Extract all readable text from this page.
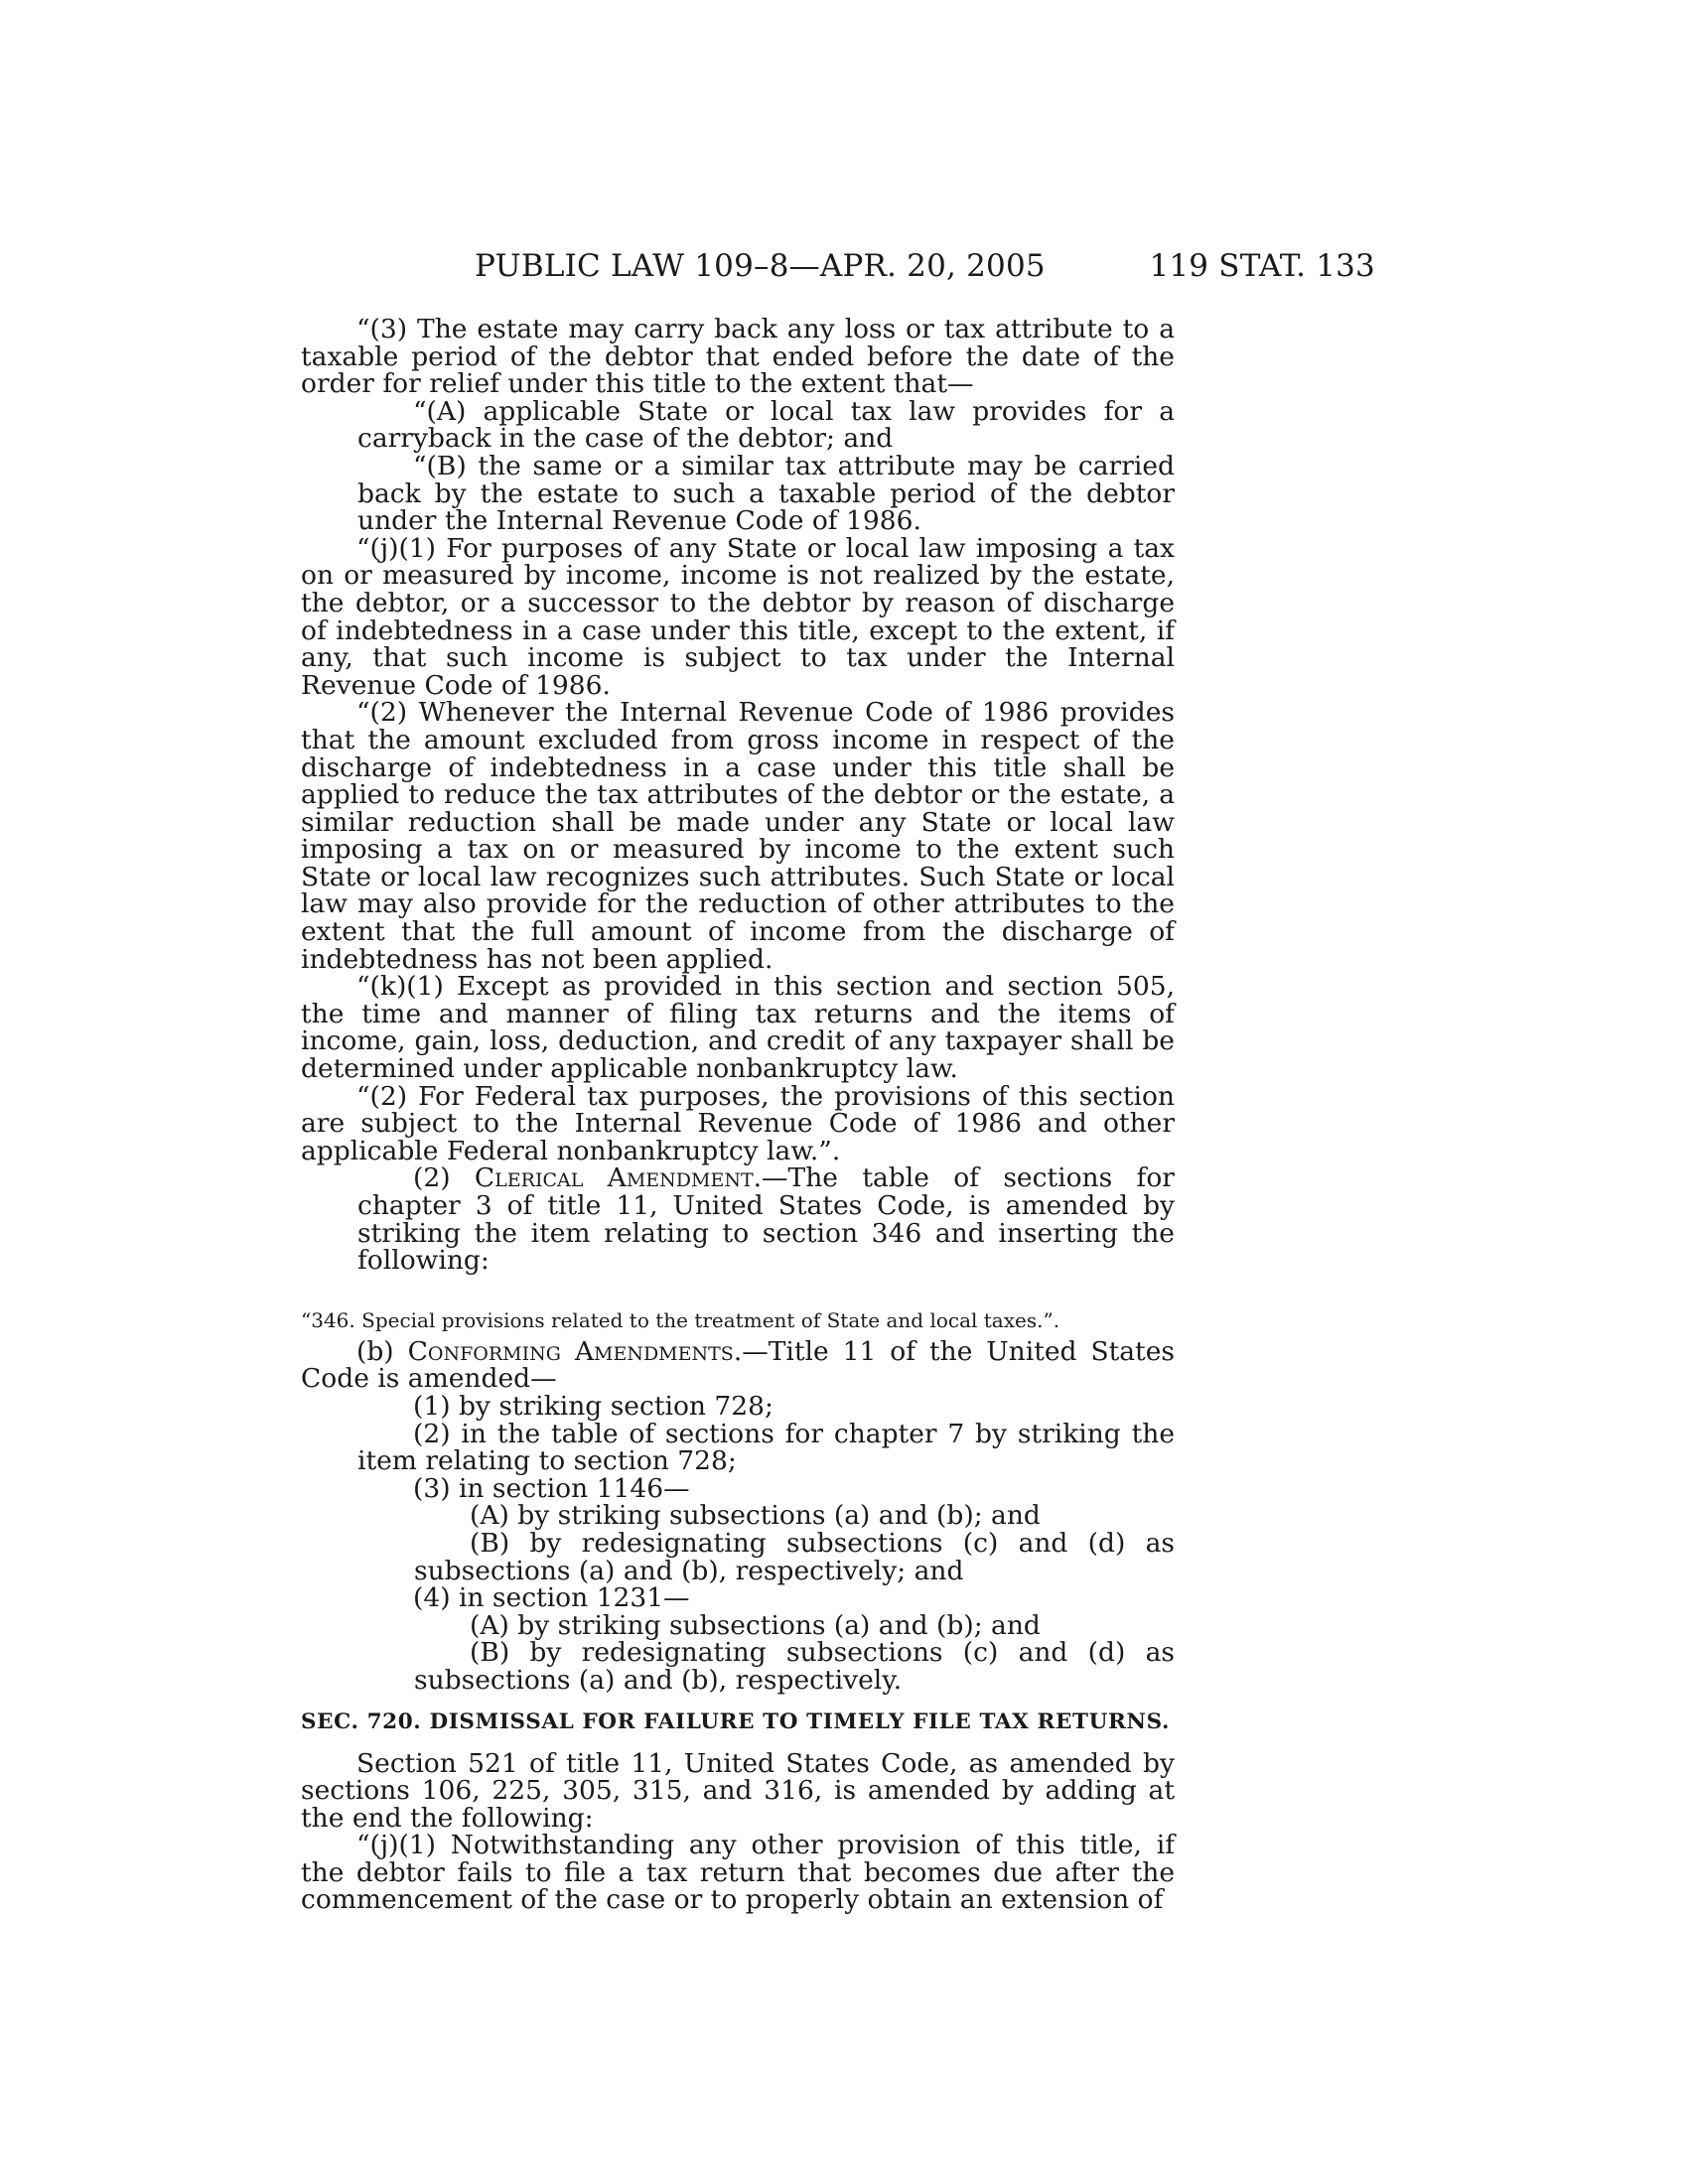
PUBLIC LAW 109–8—APR. 20, 2005	119 STAT. 133

“(3) The estate may carry back any loss or tax attribute to a taxable period of the debtor that ended before the date of the order for relief under this title to the extent that—

“(A) applicable State or local tax law provides for a carryback in the case of the debtor; and

“(B) the same or a similar tax attribute may be carried back by the estate to such a taxable period of the debtor under the Internal Revenue Code of 1986.

“(j)(1) For purposes of any State or local law imposing a tax on or measured by income, income is not realized by the estate, the debtor, or a successor to the debtor by reason of discharge of indebtedness in a case under this title, except to the extent, if any, that such income is subject to tax under the Internal Revenue Code of 1986.

“(2) Whenever the Internal Revenue Code of 1986 provides that the amount excluded from gross income in respect of the discharge of indebtedness in a case under this title shall be applied to reduce the tax attributes of the debtor or the estate, a similar reduction shall be made under any State or local law imposing a tax on or measured by income to the extent such State or local law recognizes such attributes. Such State or local law may also provide for the reduction of other attributes to the extent that the full amount of income from the discharge of indebtedness has not been applied.

“(k)(1) Except as provided in this section and section 505, the time and manner of filing tax returns and the items of income, gain, loss, deduction, and credit of any taxpayer shall be determined under applicable nonbankruptcy law.

“(2) For Federal tax purposes, the provisions of this section are subject to the Internal Revenue Code of 1986 and other applicable Federal nonbankruptcy law.”.

(2) Clerical Amendment.—The table of sections for chapter 3 of title 11, United States Code, is amended by striking the item relating to section 346 and inserting the following:

“346. Special provisions related to the treatment of State and local taxes.”.

(b) Conforming Amendments.—Title 11 of the United States Code is amended—

(1) by striking section 728;

(2) in the table of sections for chapter 7 by striking the item relating to section 728;

(3) in section 1146—

(A) by striking subsections (a) and (b); and

(B) by redesignating subsections (c) and (d) as subsections (a) and (b), respectively; and

(4) in section 1231—

(A) by striking subsections (a) and (b); and

(B) by redesignating subsections (c) and (d) as subsections (a) and (b), respectively.

SEC. 720. DISMISSAL FOR FAILURE TO TIMELY FILE TAX RETURNS.

Section 521 of title 11, United States Code, as amended by sections 106, 225, 305, 315, and 316, is amended by adding at the end the following:

“(j)(1) Notwithstanding any other provision of this title, if the debtor fails to file a tax return that becomes due after the commencement of the case or to properly obtain an extension of
